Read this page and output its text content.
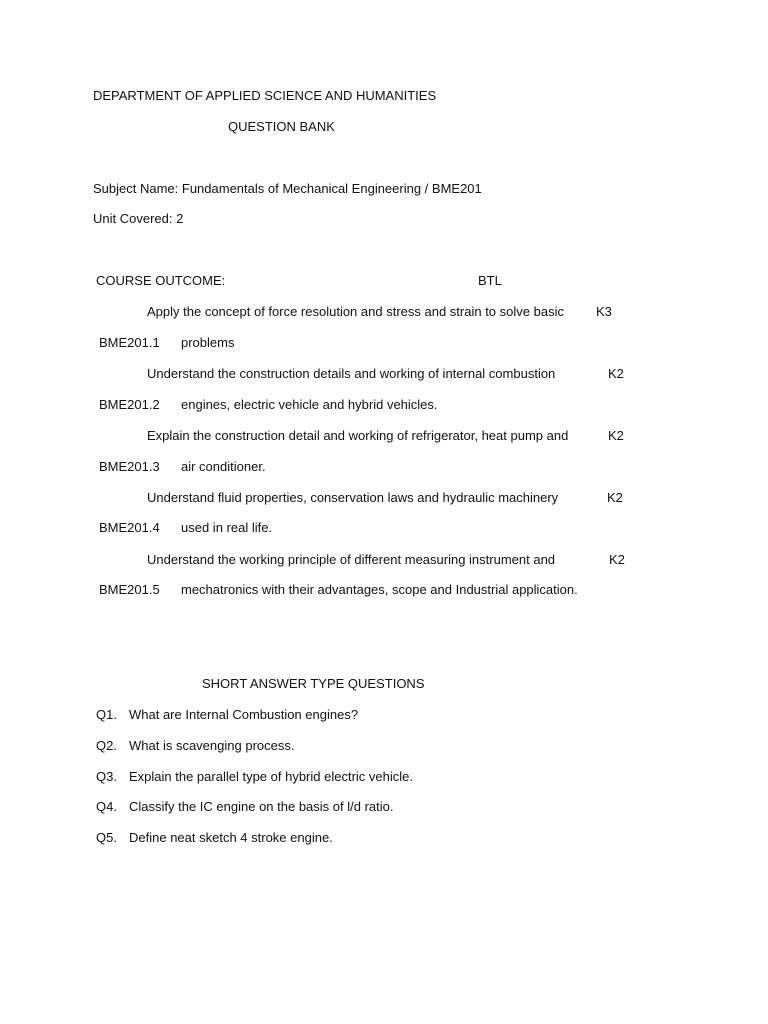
DEPARTMENT OF APPLIED SCIENCE AND HUMANITIES
QUESTION BANK
Subject Name: Fundamentals of Mechanical Engineering / BME201
Unit Covered: 2
COURSE OUTCOME:	BTL
Apply the concept of force resolution and stress and strain to solve basic K3
BME201.1 problems
Understand the construction details and working of internal combustion	K2
BME201.2 engines, electric vehicle and hybrid vehicles.
Explain the construction detail and working of refrigerator, heat pump and	K2
BME201.3 air conditioner.
Understand fluid properties, conservation laws and hydraulic machinery	K2
BME201.4 used in real life.
Understand the working principle of different measuring instrument and	K2
BME201.5 mechatronics with their advantages, scope and Industrial application.
SHORT ANSWER TYPE QUESTIONS
Q1. What are Internal Combustion engines?
Q2. What is scavenging process.
Q3. Explain the parallel type of hybrid electric vehicle.
Q4. Classify the IC engine on the basis of l/d ratio.
Q5. Define neat sketch 4 stroke engine.
